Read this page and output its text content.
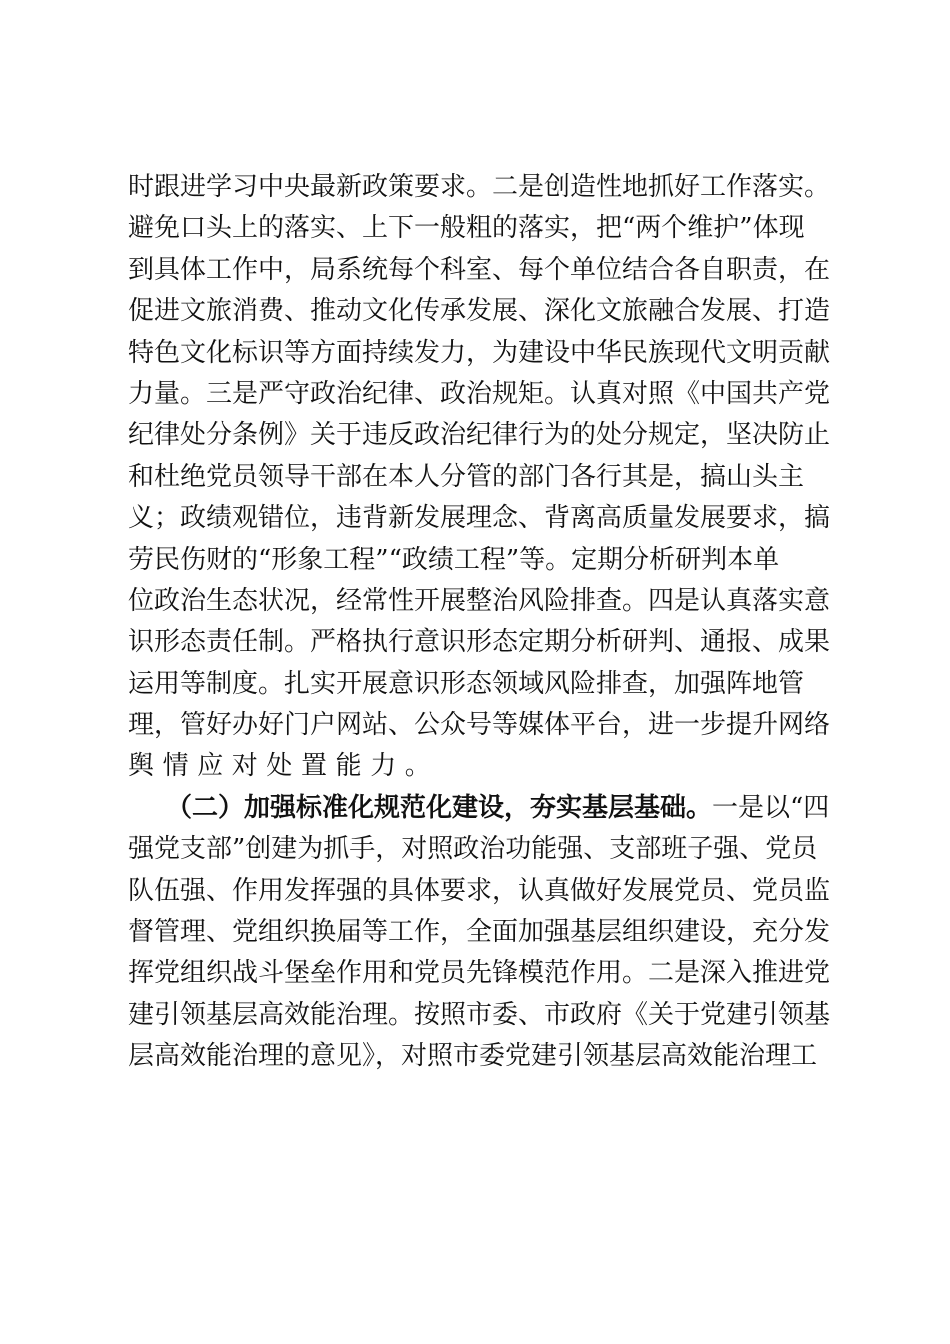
时跟进学习中央最新政策要求。二是创造性地抓好工作落实。
避免口头上的落实、上下一般粗的落实，把“两个维护”体现
到具体工作中，局系统每个科室、每个单位结合各自职责，在
促进文旅消费、推动文化传承发展、深化文旅融合发展、打造
特色文化标识等方面持续发力，为建设中华民族现代文明贡献
力量。三是严守政治纪律、政治规矩。认真对照《中国共产党
纪律处分条例》关于违反政治纪律行为的处分规定，坚决防止
和杜绝党员领导干部在本人分管的部门各行其是，搞山头主
义；政绩观错位，违背新发展理念、背离高质量发展要求，搞
劳民伤财的“形象工程”“政绩工程”等。定期分析研判本单
位政治生态状况，经常性开展整治风险排查。四是认真落实意
识形态责任制。严格执行意识形态定期分析研判、通报、成果
运用等制度。扎实开展意识形态领域风险排查，加强阵地管
理，管好办好门户网站、公众号等媒体平台，进一步提升网络
舆情应对处置能力。
（二）加强标准化规范化建设，夯实基层基础。一是以“四
强党支部”创建为抓手，对照政治功能强、支部班子强、党员
队伍强、作用发挥强的具体要求，认真做好发展党员、党员监
督管理、党组织换届等工作，全面加强基层组织建设，充分发
挥党组织战斗堡垒作用和党员先锋模范作用。二是深入推进党
建引领基层高效能治理。按照市委、市政府《关于党建引领基
层高效能治理的意见》，对照市委党建引领基层高效能治理工
